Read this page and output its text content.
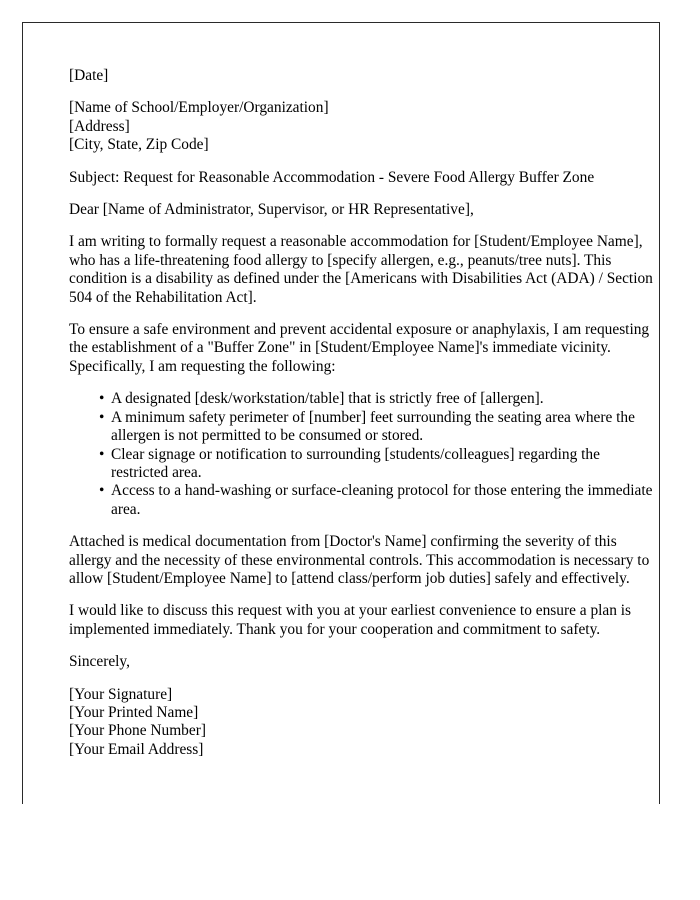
[Date]
[Name of School/Employer/Organization]
[Address]
[City, State, Zip Code]
Subject: Request for Reasonable Accommodation - Severe Food Allergy Buffer Zone
Dear [Name of Administrator, Supervisor, or HR Representative],

I am writing to formally request a reasonable accommodation for [Student/Employee Name], who has a life-threatening food allergy to [specify allergen, e.g., peanuts/tree nuts]. This condition is a disability as defined under the [Americans with Disabilities Act (ADA) / Section 504 of the Rehabilitation Act].

To ensure a safe environment and prevent accidental exposure or anaphylaxis, I am requesting the establishment of a "Buffer Zone" in [Student/Employee Name]'s immediate vicinity. Specifically, I am requesting the following:

• A designated [desk/workstation/table] that is strictly free of [allergen].
• A minimum safety perimeter of [number] feet surrounding the seating area where the allergen is not permitted to be consumed or stored.
• Clear signage or notification to surrounding [students/colleagues] regarding the restricted area.
• Access to a hand-washing or surface-cleaning protocol for those entering the immediate area.

Attached is medical documentation from [Doctor's Name] confirming the severity of this allergy and the necessity of these environmental controls. This accommodation is necessary to allow [Student/Employee Name] to [attend class/perform job duties] safely and effectively.

I would like to discuss this request with you at your earliest convenience to ensure a plan is implemented immediately. Thank you for your cooperation and commitment to safety.

Sincerely,
[Your Signature]
[Your Printed Name]
[Your Phone Number]
[Your Email Address]
